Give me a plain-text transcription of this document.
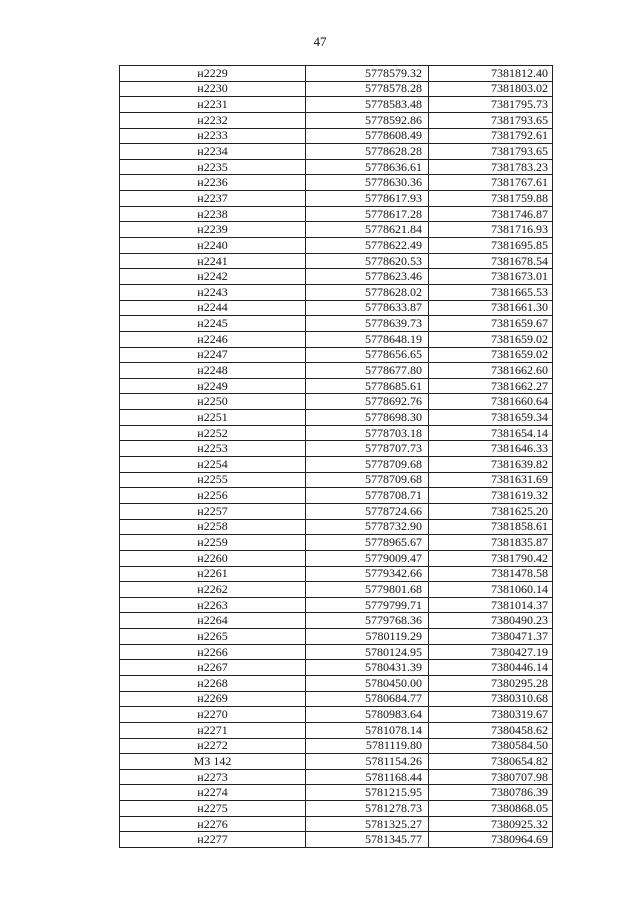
47
н2229	5778579.32	7381812.40
н2230	5778578.28	7381803.02
н2231	5778583.48	7381795.73
н2232	5778592.86	7381793.65
н2233	5778608.49	7381792.61
н2234	5778628.28	7381793.65
н2235	5778636.61	7381783.23
н2236	5778630.36	7381767.61
н2237	5778617.93	7381759.88
н2238	5778617.28	7381746.87
н2239	5778621.84	7381716.93
н2240	5778622.49	7381695.85
н2241	5778620.53	7381678.54
н2242	5778623.46	7381673.01
н2243	5778628.02	7381665.53
н2244	5778633.87	7381661.30
н2245	5778639.73	7381659.67
н2246	5778648.19	7381659.02
н2247	5778656.65	7381659.02
н2248	5778677.80	7381662.60
н2249	5778685.61	7381662.27
н2250	5778692.76	7381660.64
н2251	5778698.30	7381659.34
н2252	5778703.18	7381654.14
н2253	5778707.73	7381646.33
н2254	5778709.68	7381639.82
н2255	5778709.68	7381631.69
н2256	5778708.71	7381619.32
н2257	5778724.66	7381625.20
н2258	5778732.90	7381858.61
н2259	5778965.67	7381835.87
н2260	5779009.47	7381790.42
н2261	5779342.66	7381478.58
н2262	5779801.68	7381060.14
н2263	5779799.71	7381014.37
н2264	5779768.36	7380490.23
н2265	5780119.29	7380471.37
н2266	5780124.95	7380427.19
н2267	5780431.39	7380446.14
н2268	5780450.00	7380295.28
н2269	5780684.77	7380310.68
н2270	5780983.64	7380319.67
н2271	5781078.14	7380458.62
н2272	5781119.80	7380584.50
МЗ 142	5781154.26	7380654.82
н2273	5781168.44	7380707.98
н2274	5781215.95	7380786.39
н2275	5781278.73	7380868.05
н2276	5781325.27	7380925.32
н2277	5781345.77	7380964.69
